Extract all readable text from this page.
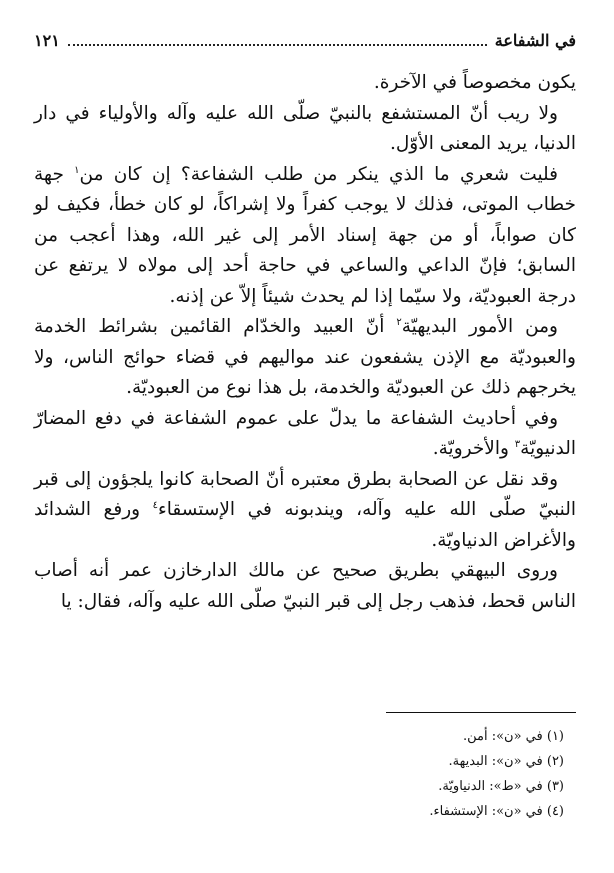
في الشفاعة
١٢١

يكون مخصوصاً في الآخرة.

ولا ريب أنّ المستشفع بالنبيّ صلّى الله عليه وآله والأولياء في دار الدنيا، يريد المعنى الأوّل.

فليت شعري ما الذي ينكر من طلب الشفاعة؟ إن كان من$^١$ جهة خطاب الموتى، فذلك لا يوجب كفراً ولا إشراكاً، لو كان خطأ، فكيف لو كان صواباً، أو من جهة إسناد الأمر إلى غير الله، وهذا أعجب من السابق؛ فإنّ الداعي والساعي في حاجة أحد إلى مولاه لا يرتفع عن درجة العبوديّة، ولا سيّما إذا لم يحدث شيئاً إلاّ عن إذنه.

ومن الأمور البديهيّة$^٢$ أنّ العبيد والخدّام القائمين بشرائط الخدمة والعبوديّة مع الإذن يشفعون عند مواليهم في قضاء حوائج الناس، ولا يخرجهم ذلك عن العبوديّة والخدمة، بل هذا نوع من العبوديّة.

وفي أحاديث الشفاعة ما يدلّ على عموم الشفاعة في دفع المضارّ الدنيويّة$^٣$ والأخرويّة.

وقد نقل عن الصحابة بطرق معتبره أنّ الصحابة كانوا يلجؤون إلى قبر النبيّ صلّى الله عليه وآله، ويندبونه في الإستسقاء$^٤$ ورفع الشدائد والأغراض الدنياويّة.

وروى البيهقي بطريق صحيح عن مالك الدارخازن عمر أنه أصاب الناس قحط، فذهب رجل إلى قبر النبيّ صلّى الله عليه وآله، فقال: يا

(١) في «ن»: أمن.
(٢) في «ن»: البديهة.
(٣) في «ط»: الدنياويّة.
(٤) في «ن»: الإستشفاء.
